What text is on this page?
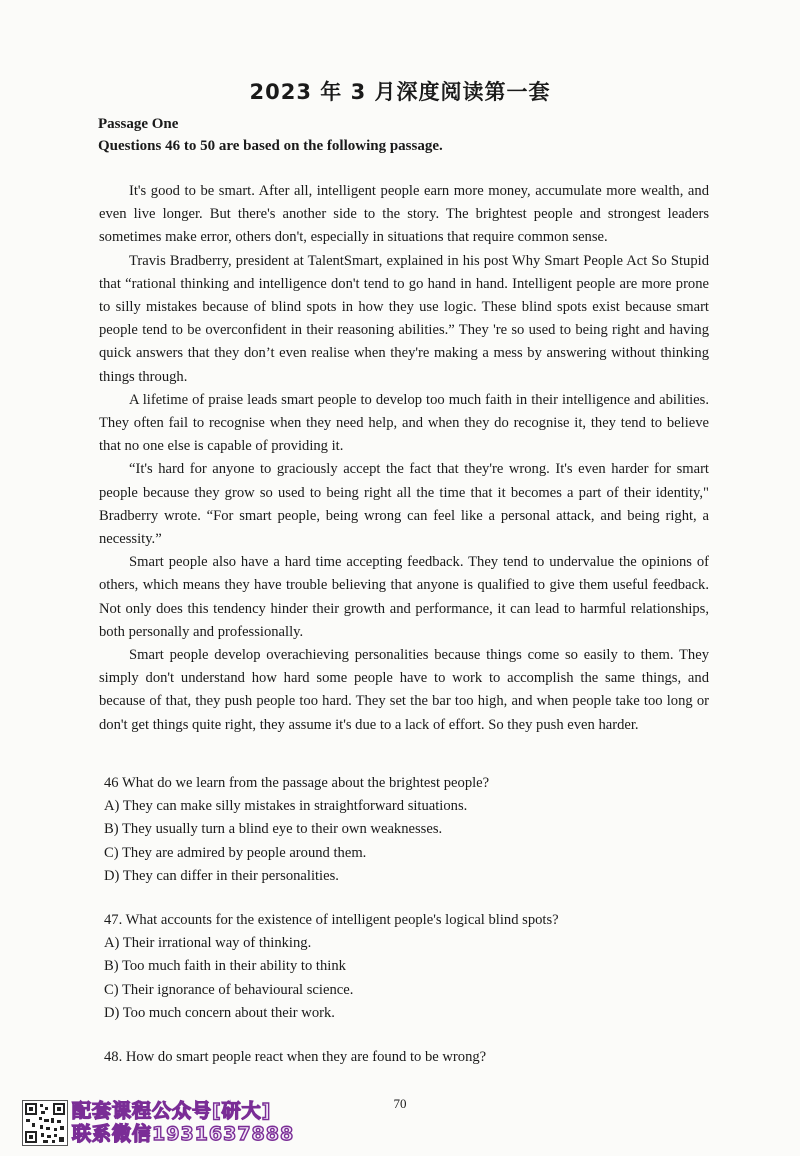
2023 年 3 月深度阅读第一套
Passage One
Questions 46 to 50 are based on the following passage.

It's good to be smart. After all, intelligent people earn more money, accumulate more wealth, and even live longer. But there's another side to the story. The brightest people and strongest leaders sometimes make error, others don't, especially in situations that require common sense.

Travis Bradberry, president at TalentSmart, explained in his post Why Smart People Act So Stupid that “rational thinking and intelligence don't tend to go hand in hand. Intelligent people are more prone to silly mistakes because of blind spots in how they use logic. These blind spots exist because smart people tend to be overconfident in their reasoning abilities.” They 're so used to being right and having quick answers that they don’t even realise when they're making a mess by answering without thinking things through.

A lifetime of praise leads smart people to develop too much faith in their intelligence and abilities. They often fail to recognise when they need help, and when they do recognise it, they tend to believe that no one else is capable of providing it.

“It's hard for anyone to graciously accept the fact that they're wrong. It's even harder for smart people because they grow so used to being right all the time that it becomes a part of their identity," Bradberry wrote. “For smart people, being wrong can feel like a personal attack, and being right, a necessity.”

Smart people also have a hard time accepting feedback. They tend to undervalue the opinions of others, which means they have trouble believing that anyone is qualified to give them useful feedback. Not only does this tendency hinder their growth and performance, it can lead to harmful relationships, both personally and professionally.

Smart people develop overachieving personalities because things come so easily to them. They simply don't understand how hard some people have to work to accomplish the same things, and because of that, they push people too hard. They set the bar too high, and when people take too long or don't get things quite right, they assume it's due to a lack of effort. So they push even harder.

46 What do we learn from the passage about the brightest people?
A) They can make silly mistakes in straightforward situations.
B) They usually turn a blind eye to their own weaknesses.
C) They are admired by people around them.
D) They can differ in their personalities.
47. What accounts for the existence of intelligent people's logical blind spots?
A) Their irrational way of thinking.
B) Too much faith in their ability to think
C) Their ignorance of behavioural science.
D) Too much concern about their work.
48. How do smart people react when they are found to be wrong?
70
配套课程公众号[研大]
联系微信1931637888
